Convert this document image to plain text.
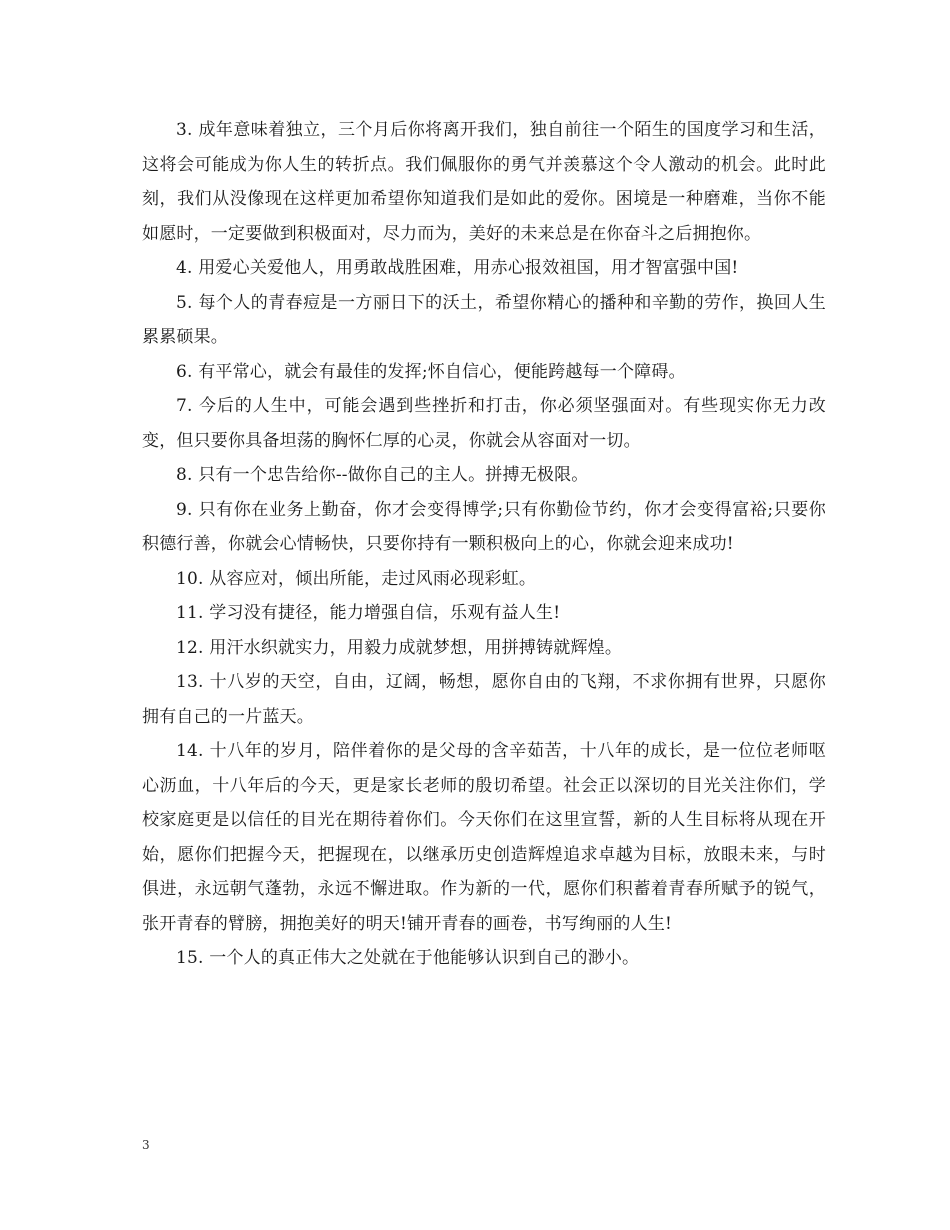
3. 成年意味着独立，三个月后你将离开我们，独自前往一个陌生的国度学习和生活，这将会可能成为你人生的转折点。我们佩服你的勇气并羡慕这个令人激动的机会。此时此刻，我们从没像现在这样更加希望你知道我们是如此的爱你。困境是一种磨难，当你不能如愿时，一定要做到积极面对，尽力而为，美好的未来总是在你奋斗之后拥抱你。

4. 用爱心关爱他人，用勇敢战胜困难，用赤心报效祖国，用才智富强中国!

5. 每个人的青春痘是一方丽日下的沃土，希望你精心的播种和辛勤的劳作，换回人生累累硕果。

6. 有平常心，就会有最佳的发挥;怀自信心，便能跨越每一个障碍。

7. 今后的人生中，可能会遇到些挫折和打击，你必须坚强面对。有些现实你无力改变，但只要你具备坦荡的胸怀仁厚的心灵，你就会从容面对一切。

8. 只有一个忠告给你--做你自己的主人。拼搏无极限。

9. 只有你在业务上勤奋，你才会变得博学;只有你勤俭节约，你才会变得富裕;只要你积德行善，你就会心情畅快，只要你持有一颗积极向上的心，你就会迎来成功!

10. 从容应对，倾出所能，走过风雨必现彩虹。

11. 学习没有捷径，能力增强自信，乐观有益人生!

12. 用汗水织就实力，用毅力成就梦想，用拼搏铸就辉煌。

13. 十八岁的天空，自由，辽阔，畅想，愿你自由的飞翔，不求你拥有世界，只愿你拥有自己的一片蓝天。

14. 十八年的岁月，陪伴着你的是父母的含辛茹苦，十八年的成长，是一位位老师呕心沥血，十八年后的今天，更是家长老师的殷切希望。社会正以深切的目光关注你们，学校家庭更是以信任的目光在期待着你们。今天你们在这里宣誓，新的人生目标将从现在开始，愿你们把握今天，把握现在，以继承历史创造辉煌追求卓越为目标，放眼未来，与时俱进，永远朝气蓬勃，永远不懈进取。作为新的一代，愿你们积蓄着青春所赋予的锐气，张开青春的臂膀，拥抱美好的明天!铺开青春的画卷，书写绚丽的人生!

15. 一个人的真正伟大之处就在于他能够认识到自己的渺小。

3
